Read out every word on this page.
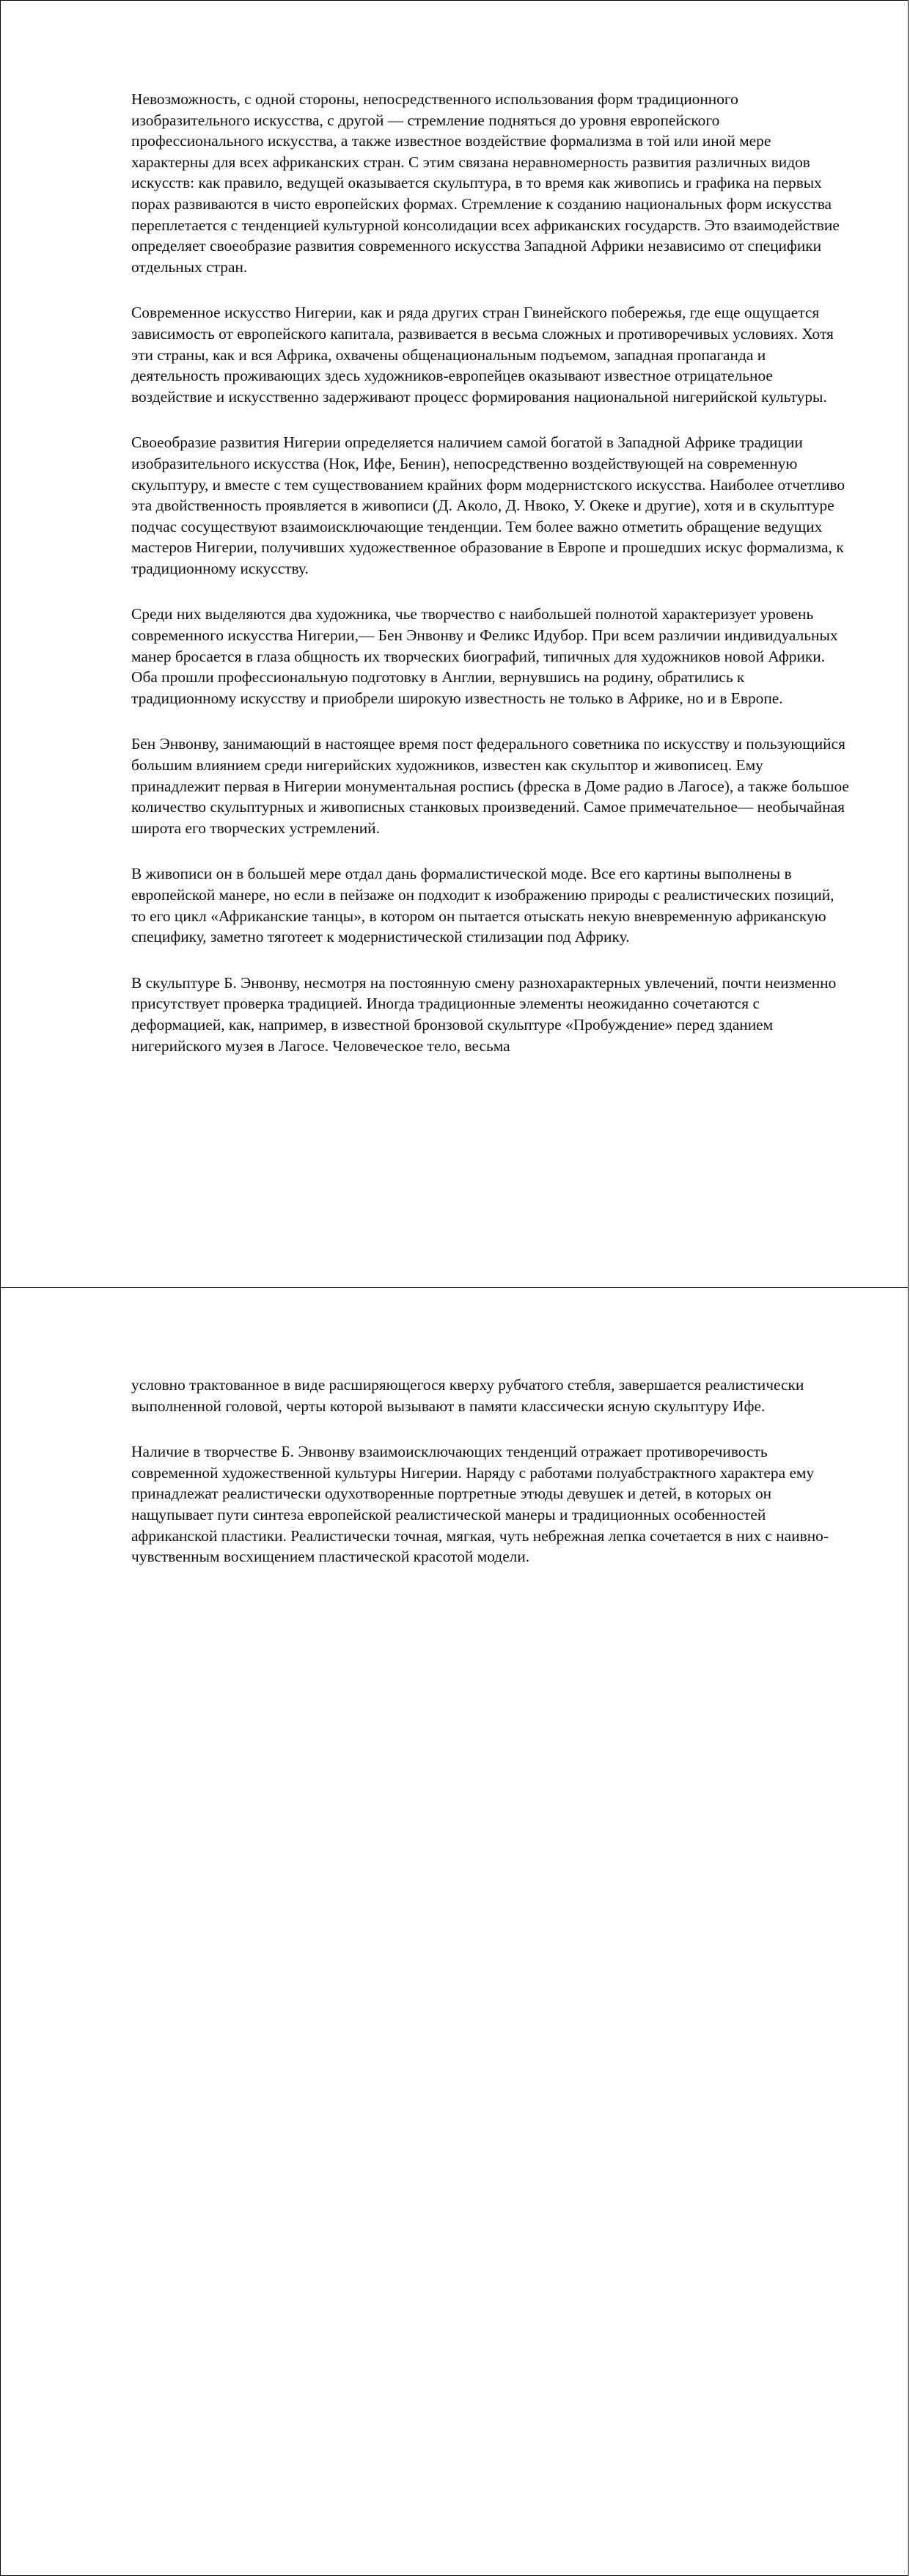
Невозможность, с одной стороны, непосредственного использования форм традиционного изобразительного искусства, с другой — стремление подняться до уровня европейского профессионального искусства, а также известное воздействие формализма в той или иной мере характерны для всех африканских стран. С этим связана неравномерность развития различных видов искусств: как правило, ведущей оказывается скульптура, в то время как живопись и графика на первых порах развиваются в чисто европейских формах. Стремление к созданию национальных форм искусства переплетается с тенденцией культурной консолидации всех африканских государств. Это взаимодействие определяет своеобразие развития современного искусства Западной Африки независимо от специфики отдельных стран.

Современное искусство Нигерии, как и ряда других стран Гвинейского побережья, где еще ощущается зависимость от европейского капитала, развивается в весьма сложных и противоречивых условиях. Хотя эти страны, как и вся Африка, охвачены общенациональным подъемом, западная пропаганда и деятельность проживающих здесь художников-европейцев оказывают известное отрицательное воздействие и искусственно задерживают процесс формирования национальной нигерийской культуры.

Своеобразие развития Нигерии определяется наличием самой богатой в Западной Африке традиции изобразительного искусства (Нок, Ифе, Бенин), непосредственно воздействующей на современную скульптуру, и вместе с тем существованием крайних форм модернистского искусства. Наиболее отчетливо эта двойственность проявляется в живописи (Д. Аколо, Д. Нвоко, У. Океке и другие), хотя и в скульптуре подчас сосуществуют взаимоисключающие тенденции. Тем более важно отметить обращение ведущих мастеров Нигерии, получивших художественное образование в Европе и прошедших искус формализма, к традиционному искусству.

Среди них выделяются два художника, чье творчество с наибольшей полнотой характеризует уровень современного искусства Нигерии,— Бен Энвонву и Феликс Идубор. При всем различии индивидуальных манер бросается в глаза общность их творческих биографий, типичных для художников новой Африки. Оба прошли профессиональную подготовку в Англии, вернувшись на родину, обратились к традиционному искусству и приобрели широкую известность не только в Африке, но и в Европе.

Бен Энвонву, занимающий в настоящее время пост федерального советника по искусству и пользующийся большим влиянием среди нигерийских художников, известен как скульптор и живописец. Ему принадлежит первая в Нигерии монументальная роспись (фреска в Доме радио в Лагосе), а также большое количество скульптурных и живописных станковых произведений. Самое примечательное— необычайная широта его творческих устремлений.

В живописи он в большей мере отдал дань формалистической моде. Все его картины выполнены в европейской манере, но если в пейзаже он подходит к изображению природы с реалистических позиций, то его цикл «Африканские танцы», в котором он пытается отыскать некую вневременную африканскую специфику, заметно тяготеет к модернистической стилизации под Африку.

В скульптуре Б. Энвонву, несмотря на постоянную смену разнохарактерных увлечений, почти неизменно присутствует проверка традицией. Иногда традиционные элементы неожиданно сочетаются с деформацией, как, например, в известной бронзовой скульптуре «Пробуждение» перед зданием нигерийского музея в Лагосе. Человеческое тело, весьма

условно трактованное в виде расширяющегося кверху рубчатого стебля, завершается реалистически выполненной головой, черты которой вызывают в памяти классически ясную скульптуру Ифе.

Наличие в творчестве Б. Энвонву взаимоисключающих тенденций отражает противоречивость современной художественной культуры Нигерии. Наряду с работами полуабстрактного характера ему принадлежат реалистически одухотворенные портретные этюды девушек и детей, в которых он нащупывает пути синтеза европейской реалистической манеры и традиционных особенностей африканской пластики. Реалистически точная, мягкая, чуть небрежная лепка сочетается в них с наивно-чувственным восхищением пластической красотой модели.
